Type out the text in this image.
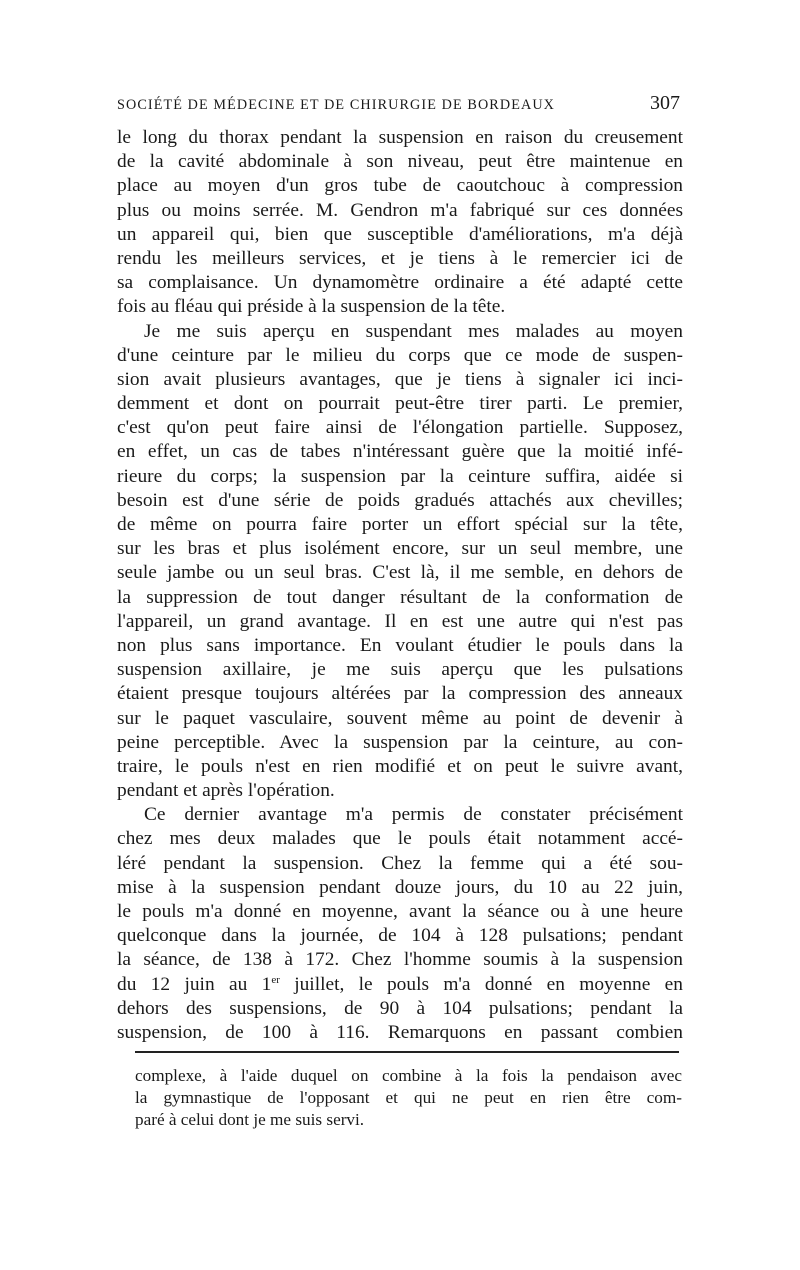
SOCIÉTÉ DE MÉDECINE ET DE CHIRURGIE DE BORDEAUX	307
le long du thorax pendant la suspension en raison du creusement
de la cavité abdominale à son niveau, peut être maintenue en
place au moyen d'un gros tube de caoutchouc à compression
plus ou moins serrée. M. Gendron m'a fabriqué sur ces données
un appareil qui, bien que susceptible d'améliorations, m'a déjà
rendu les meilleurs services, et je tiens à le remercier ici de
sa complaisance. Un dynamomètre ordinaire a été adapté cette
fois au fléau qui préside à la suspension de la tête.
Je me suis aperçu en suspendant mes malades au moyen
d'une ceinture par le milieu du corps que ce mode de suspen-
sion avait plusieurs avantages, que je tiens à signaler ici inci-
demment et dont on pourrait peut-être tirer parti. Le premier,
c'est qu'on peut faire ainsi de l'élongation partielle. Supposez,
en effet, un cas de tabes n'intéressant guère que la moitié infé-
rieure du corps; la suspension par la ceinture suffira, aidée si
besoin est d'une série de poids gradués attachés aux chevilles;
de même on pourra faire porter un effort spécial sur la tête,
sur les bras et plus isolément encore, sur un seul membre, une
seule jambe ou un seul bras. C'est là, il me semble, en dehors de
la suppression de tout danger résultant de la conformation de
l'appareil, un grand avantage. Il en est une autre qui n'est pas
non plus sans importance. En voulant étudier le pouls dans la
suspension axillaire, je me suis aperçu que les pulsations
étaient presque toujours altérées par la compression des anneaux
sur le paquet vasculaire, souvent même au point de devenir à
peine perceptible. Avec la suspension par la ceinture, au con-
traire, le pouls n'est en rien modifié et on peut le suivre avant,
pendant et après l'opération.
Ce dernier avantage m'a permis de constater précisément
chez mes deux malades que le pouls était notamment accé-
léré pendant la suspension. Chez la femme qui a été sou-
mise à la suspension pendant douze jours, du 10 au 22 juin,
le pouls m'a donné en moyenne, avant la séance ou à une heure
quelconque dans la journée, de 104 à 128 pulsations; pendant
la séance, de 138 à 172. Chez l'homme soumis à la suspension
du 12 juin au 1er juillet, le pouls m'a donné en moyenne en
dehors des suspensions, de 90 à 104 pulsations; pendant la
suspension, de 100 à 116. Remarquons en passant combien
complexe, à l'aide duquel on combine à la fois la pendaison avec
la gymnastique de l'opposant et qui ne peut en rien être com-
paré à celui dont je me suis servi.
